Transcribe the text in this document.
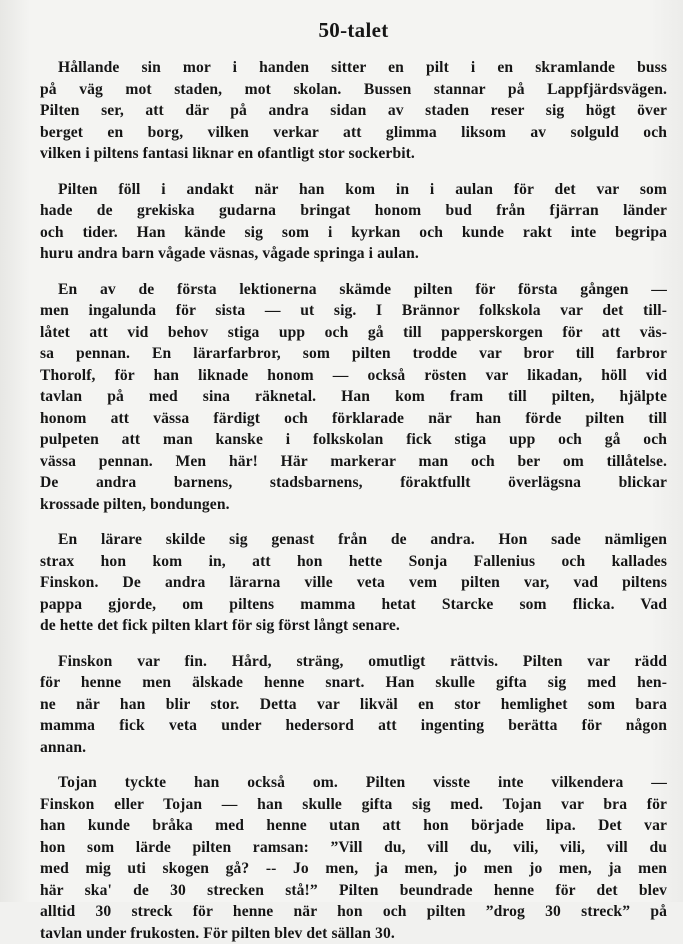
50-talet
Hållande sin mor i handen sitter en pilt i en skramlande buss
på väg mot staden, mot skolan. Bussen stannar på Lappfjärdsvägen.
Pilten ser, att där på andra sidan av staden reser sig högt över
berget en borg, vilken verkar att glimma liksom av solguld och
vilken i piltens fantasi liknar en ofantligt stor sockerbit.
Pilten föll i andakt när han kom in i aulan för det var som
hade de grekiska gudarna bringat honom bud från fjärran länder
och tider. Han kände sig som i kyrkan och kunde rakt inte begripa
huru andra barn vågade väsnas, vågade springa i aulan.
En av de första lektionerna skämde pilten för första gången —
men ingalunda för sista — ut sig. I Brännor folkskola var det till-
låtet att vid behov stiga upp och gå till papperskorgen för att väs-
sa pennan. En lärarfarbror, som pilten trodde var bror till farbror
Thorolf, för han liknade honom — också rösten var likadan, höll vid
tavlan på med sina räknetal. Han kom fram till pilten, hjälpte
honom att vässa färdigt och förklarade när han förde pilten till
pulpeten att man kanske i folkskolan fick stiga upp och gå och
vässa pennan. Men här! Här markerar man och ber om tillåtelse.
De andra barnens, stadsbarnens, föraktfullt överlägsna blickar
krossade pilten, bondungen.
En lärare skilde sig genast från de andra. Hon sade nämligen
strax hon kom in, att hon hette Sonja Fallenius och kallades
Finskon. De andra lärarna ville veta vem pilten var, vad piltens
pappa gjorde, om piltens mamma hetat Starcke som flicka. Vad
de hette det fick pilten klart för sig först långt senare.
Finskon var fin. Hård, sträng, omutligt rättvis. Pilten var rädd
för henne men älskade henne snart. Han skulle gifta sig med hen-
ne när han blir stor. Detta var likväl en stor hemlighet som bara
mamma fick veta under hedersord att ingenting berätta för någon
annan.
Tojan tyckte han också om. Pilten visste inte vilkendera —
Finskon eller Tojan — han skulle gifta sig med. Tojan var bra för
han kunde bråka med henne utan att hon började lipa. Det var
hon som lärde pilten ramsan: ”Vill du, vill du, vili, vili, vill du
med mig uti skogen gå? -- Jo men, ja men, jo men jo men, ja men
här ska' de 30 strecken stå!” Pilten beundrade henne för det blev
alltid 30 streck för henne när hon och pilten ”drog 30 streck” på
tavlan under frukosten. För pilten blev det sällan 30.
